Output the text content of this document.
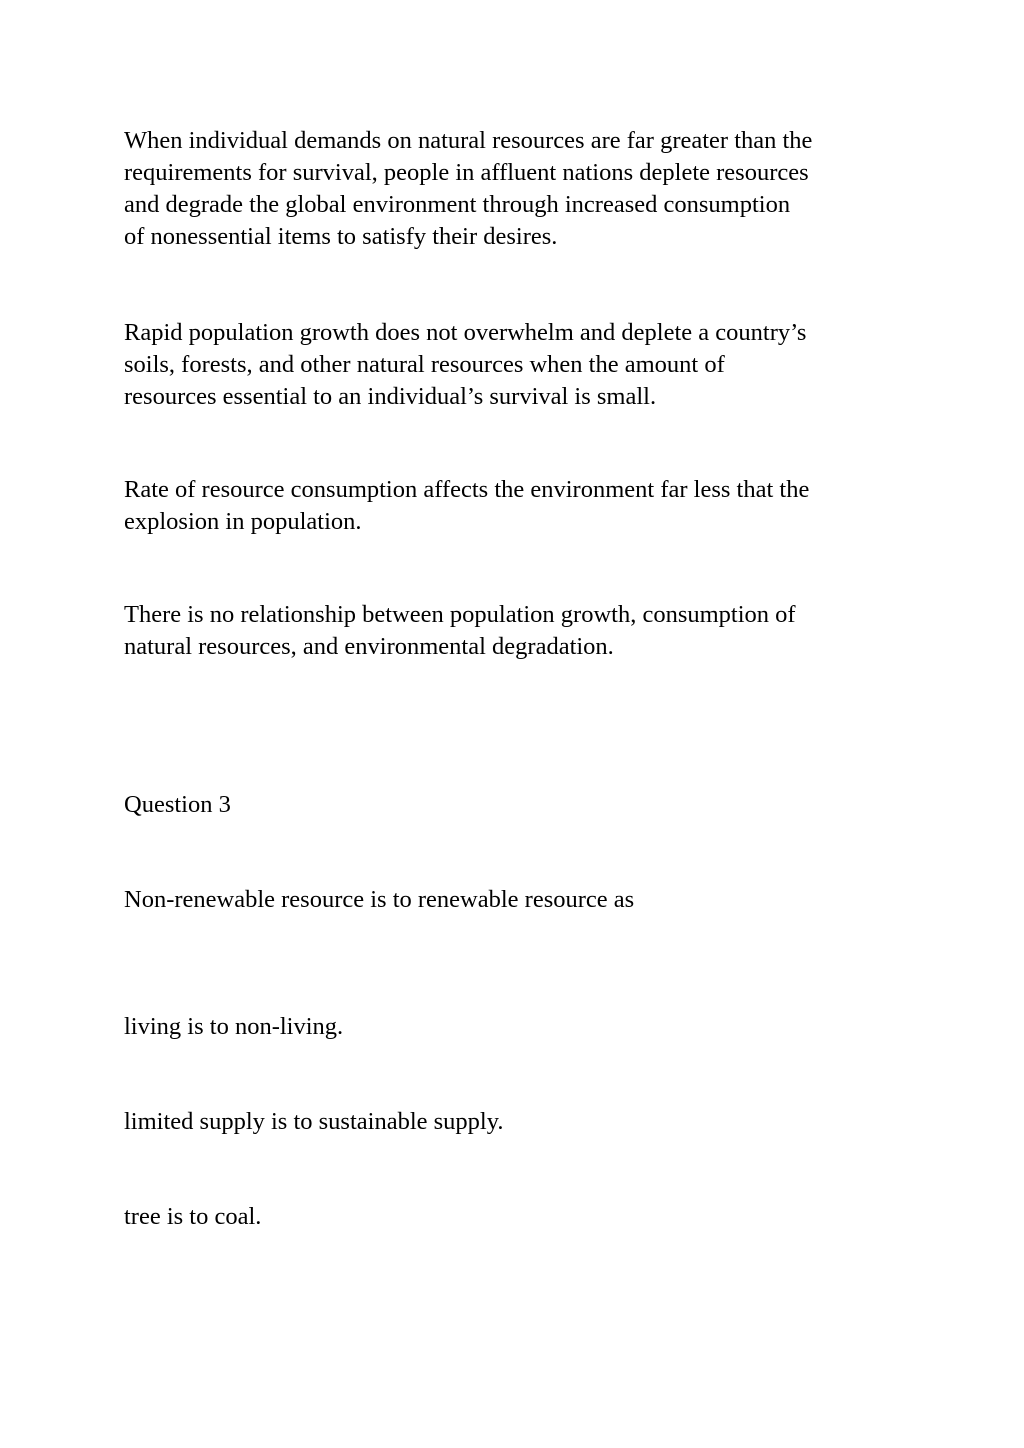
When individual demands on natural resources are far greater than the
requirements for survival, people in affluent nations deplete resources
and degrade the global environment through increased consumption
of nonessential items to satisfy their desires.

Rapid population growth does not overwhelm and deplete a country’s
soils, forests, and other natural resources when the amount of
resources essential to an individual’s survival is small.

Rate of resource consumption affects the environment far less that the
explosion in population.

There is no relationship between population growth, consumption of
natural resources, and environmental degradation.

Question 3

Non-renewable resource is to renewable resource as

living is to non-living.

limited supply is to sustainable supply.

tree is to coal.
